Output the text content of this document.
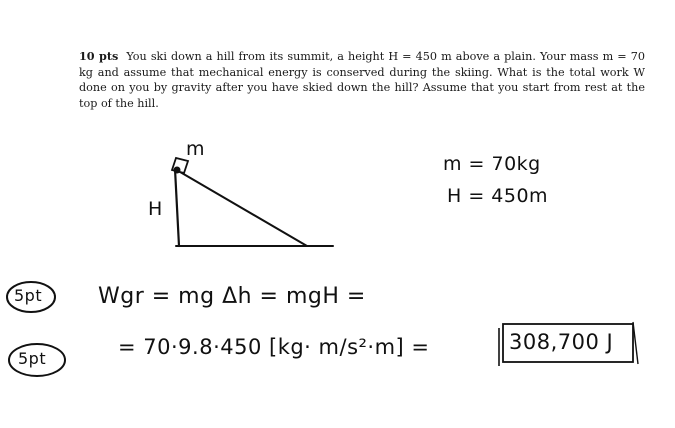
10 pts You ski down a hill from its summit, a height H = 450 m above a plain. Your mass m = 70 kg and assume that mechanical energy is conserved during the skiing. What is the total work W done on you by gravity after you have skied down the hill? Assume that you start from rest at the top of the hill.
m
H
m = 70kg
H = 450m
5pt
5pt
Wgr = mg Δh = mgH =
= 70·9.8·450 [kg· m/s²·m] =	308,700 J
